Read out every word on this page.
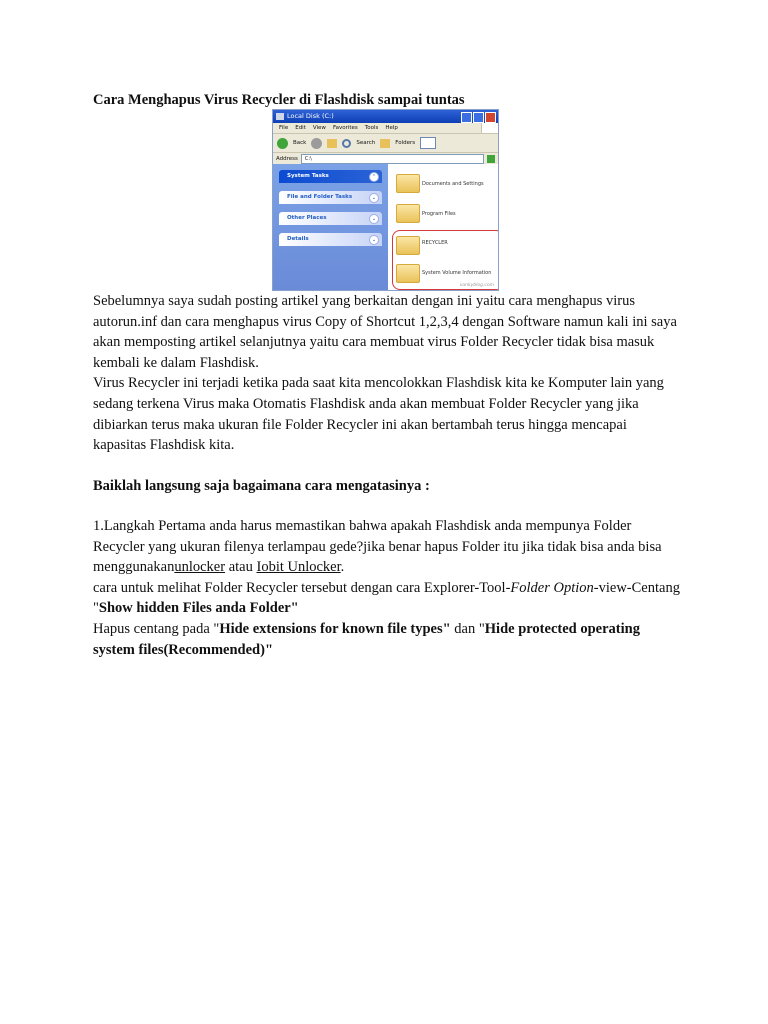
Cara Menghapus Virus Recycler di Flashdisk sampai tuntas
Local Disk (C:)
File Edit View Favorites Tools Help
Back	Search	Folders
Address	C:\
System Tasks	⌃
File and Folder Tasks	⌄
Other Places	⌄
Details	⌄
Documents and Settings
Program Files
RECYCLER
System Volume Information
vankyblog.com

Sebelumnya saya sudah posting artikel yang berkaitan dengan ini yaitu cara menghapus virus autorun.inf dan cara menghapus virus Copy of Shortcut 1,2,3,4 dengan Software namun kali ini saya akan memposting artikel selanjutnya yaitu cara membuat virus Folder Recycler tidak bisa masuk kembali ke dalam Flashdisk.

Virus Recycler ini terjadi ketika pada saat kita mencolokkan Flashdisk kita ke Komputer lain yang sedang terkena Virus maka Otomatis Flashdisk anda akan membuat Folder Recycler yang jika dibiarkan terus maka ukuran file Folder Recycler ini akan bertambah terus hingga mencapai kapasitas Flashdisk kita.

Baiklah langsung saja bagaimana cara mengatasinya :

1.Langkah Pertama anda harus memastikan bahwa apakah Flashdisk anda mempunya Folder Recycler yang ukuran filenya terlampau gede?jika benar hapus Folder itu jika tidak bisa anda bisa menggunakanunlocker atau Iobit Unlocker.

cara untuk melihat Folder Recycler tersebut dengan cara Explorer-Tool-Folder Option-view-Centang "Show hidden Files anda Folder"

Hapus centang pada "Hide extensions for known file types" dan "Hide protected operating system files(Recommended)"
